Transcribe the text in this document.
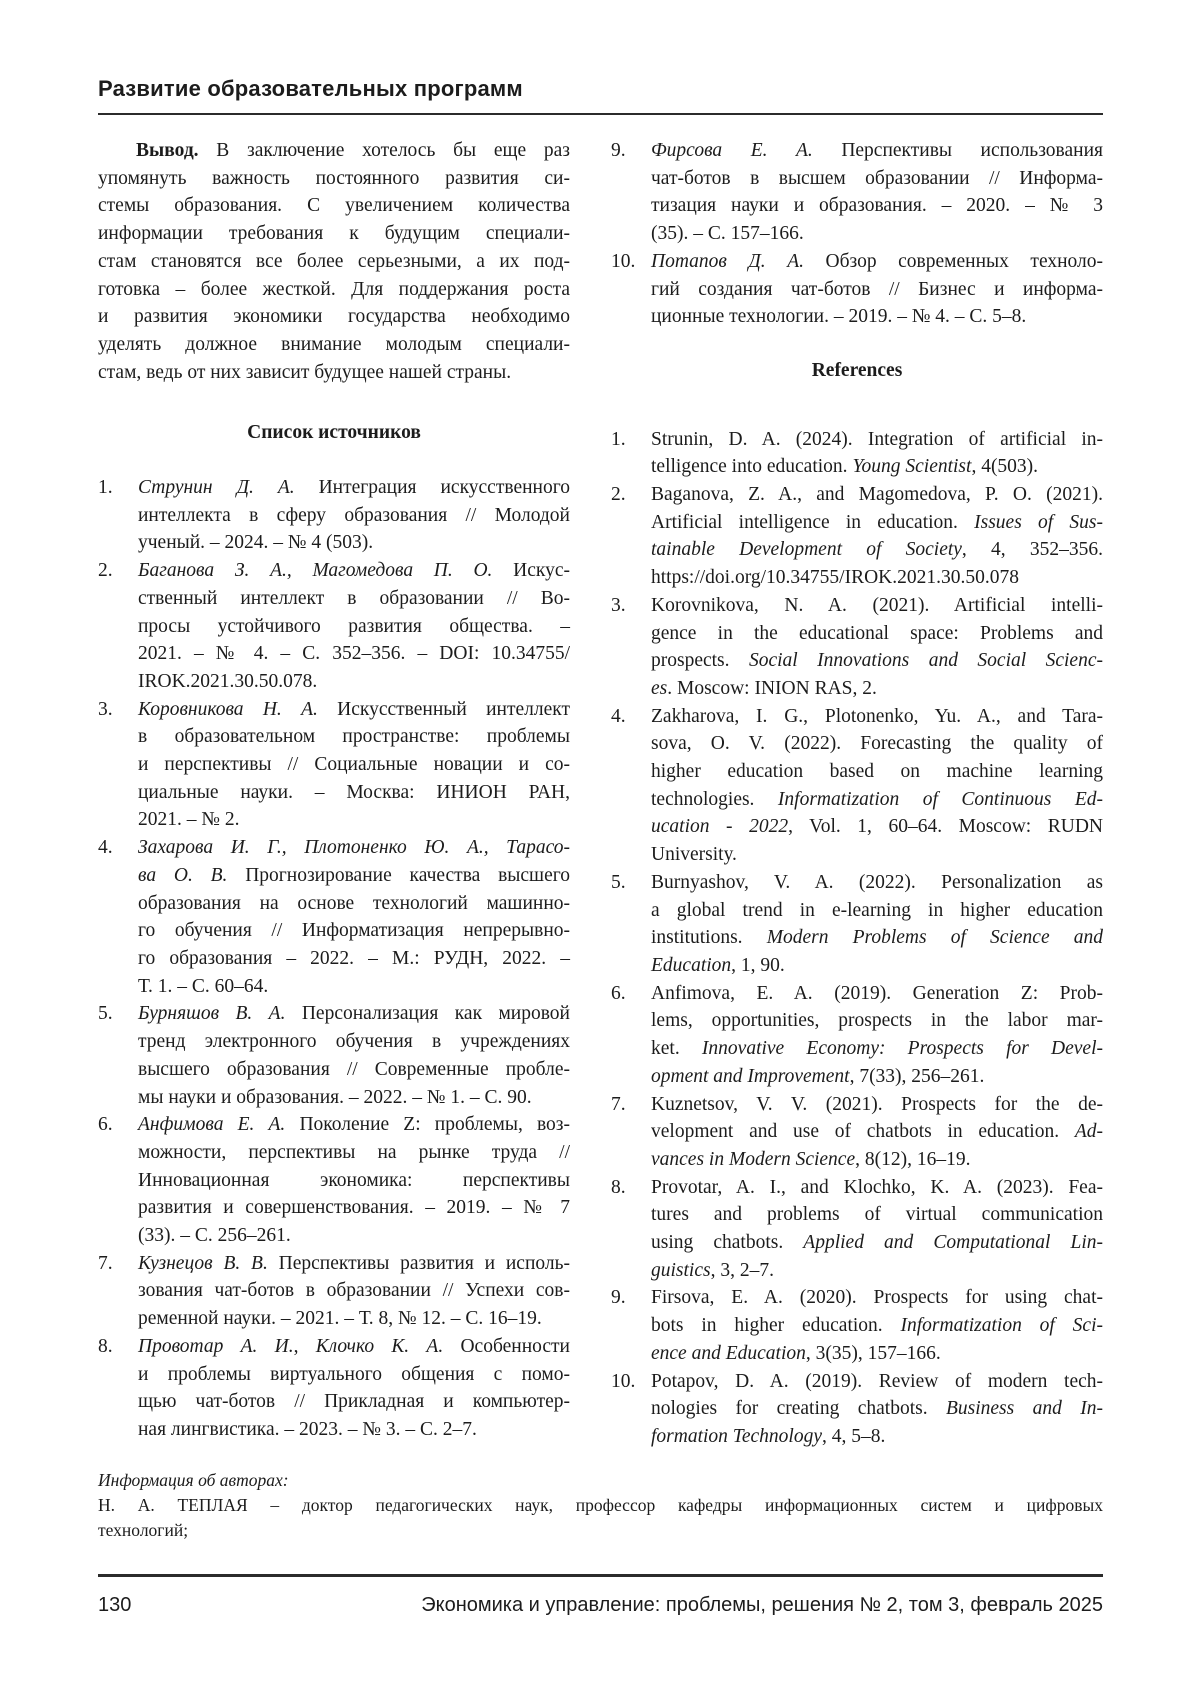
Развитие образовательных программ
Вывод. В заключение хотелось бы еще раз
упомянуть важность постоянного развития си-
стемы образования. С увеличением количества
информации требования к будущим специали-
стам становятся все более серьезными, а их под-
готовка – более жесткой. Для поддержания роста
и развития экономики государства необходимо
уделять должное внимание молодым специали-
стам, ведь от них зависит будущее нашей страны.
Список источников
1.	Струнин Д. А. Интеграция искусственного
интеллекта в сферу образования // Молодой
ученый. – 2024. – № 4 (503).
2.	Баганова З. А., Магомедова П. О. Искус-
ственный интеллект в образовании // Во-
просы устойчивого развития общества. –
2021. – № 4. – С. 352–356. – DOI: 10.34755/
IROK.2021.30.50.078.
3.	Коровникова Н. А. Искусственный интеллект
в образовательном пространстве: проблемы
и перспективы // Социальные новации и со-
циальные науки. – Москва: ИНИОН РАН,
2021. – № 2.
4.	Захарова И. Г., Плотоненко Ю. А., Тарасо-
ва О. В. Прогнозирование качества высшего
образования на основе технологий машинно-
го обучения // Информатизация непрерывно-
го образования – 2022. – М.: РУДН, 2022. –
Т. 1. – С. 60–64.
5.	Бурняшов В. А. Персонализация как мировой
тренд электронного обучения в учреждениях
высшего образования // Современные пробле-
мы науки и образования. – 2022. – № 1. – С. 90.
6.	Анфимова Е. А. Поколение Z: проблемы, воз-
можности, перспективы на рынке труда //
Инновационная экономика: перспективы
развития и совершенствования. – 2019. – № 7
(33). – С. 256–261.
7.	Кузнецов В. В. Перспективы развития и исполь-
зования чат-ботов в образовании // Успехи сов-
ременной науки. – 2021. – Т. 8, № 12. – С. 16–19.
8.	Провотар А. И., Клочко К. А. Особенности
и проблемы виртуального общения с помо-
щью чат-ботов // Прикладная и компьютер-
ная лингвистика. – 2023. – № 3. – С. 2–7.
9.	Фирсова Е. А. Перспективы использования
чат-ботов в высшем образовании // Информа-
тизация науки и образования. – 2020. – № 3
(35). – С. 157–166.
10. Потапов Д. А. Обзор современных техноло-
гий создания чат-ботов // Бизнес и информа-
ционные технологии. – 2019. – № 4. – С. 5–8.
References
1.	Strunin, D. A. (2024). Integration of artificial in-
telligence into education. Young Scientist, 4(503).
2.	Baganova, Z. A., and Magomedova, P. O. (2021).
Artificial intelligence in education. Issues of Sus-
tainable Development of Society, 4, 352–356.
https://doi.org/10.34755/IROK.2021.30.50.078
3.	Korovnikova, N. A. (2021). Artificial intelli-
gence in the educational space: Problems and
prospects. Social Innovations and Social Scienc-
es. Moscow: INION RAS, 2.
4.	Zakharova, I. G., Plotonenko, Yu. A., and Tara-
sova, O. V. (2022). Forecasting the quality of
higher education based on machine learning
technologies. Informatization of Continuous Ed-
ucation - 2022, Vol. 1, 60–64. Moscow: RUDN
University.
5.	Burnyashov, V. A. (2022). Personalization as
a global trend in e-learning in higher education
institutions. Modern Problems of Science and
Education, 1, 90.
6.	Anfimova, E. A. (2019). Generation Z: Prob-
lems, opportunities, prospects in the labor mar-
ket. Innovative Economy: Prospects for Devel-
opment and Improvement, 7(33), 256–261.
7.	Kuznetsov, V. V. (2021). Prospects for the de-
velopment and use of chatbots in education. Ad-
vances in Modern Science, 8(12), 16–19.
8.	Provotar, A. I., and Klochko, K. A. (2023). Fea-
tures and problems of virtual communication
using chatbots. Applied and Computational Lin-
guistics, 3, 2–7.
9.	Firsova, E. A. (2020). Prospects for using chat-
bots in higher education. Informatization of Sci-
ence and Education, 3(35), 157–166.
10. Potapov, D. A. (2019). Review of modern tech-
nologies for creating chatbots. Business and In-
formation Technology, 4, 5–8.
Информация об авторах:
Н. А. ТЕПЛАЯ – доктор педагогических наук, профессор кафедры информационных систем и цифровых
технологий;
130	Экономика и управление: проблемы, решения № 2, том 3, февраль 2025
